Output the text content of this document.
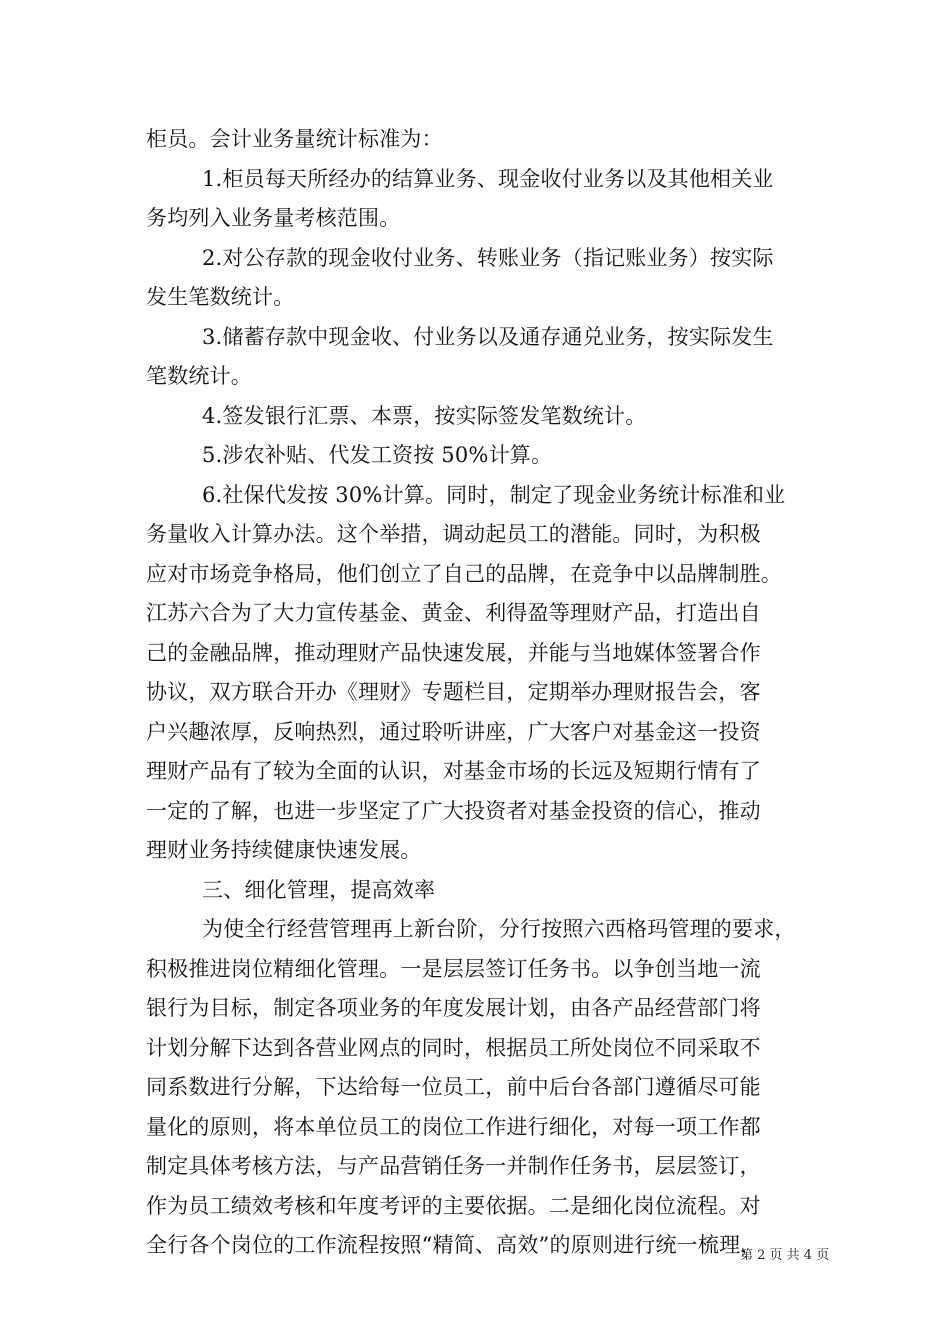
柜员。会计业务量统计标准为：
1.柜员每天所经办的结算业务、现金收付业务以及其他相关业
务均列入业务量考核范围。
2.对公存款的现金收付业务、转账业务（指记账业务）按实际
发生笔数统计。
3.储蓄存款中现金收、付业务以及通存通兑业务，按实际发生
笔数统计。
4.签发银行汇票、本票，按实际签发笔数统计。
5.涉农补贴、代发工资按 50%计算。
6.社保代发按 30%计算。同时，制定了现金业务统计标准和业
务量收入计算办法。这个举措，调动起员工的潜能。同时，为积极
应对市场竞争格局，他们创立了自己的品牌，在竞争中以品牌制胜。
江苏六合为了大力宣传基金、黄金、利得盈等理财产品，打造出自
己的金融品牌，推动理财产品快速发展，并能与当地媒体签署合作
协议，双方联合开办《理财》专题栏目，定期举办理财报告会，客
户兴趣浓厚，反响热烈，通过聆听讲座，广大客户对基金这一投资
理财产品有了较为全面的认识，对基金市场的长远及短期行情有了
一定的了解，也进一步坚定了广大投资者对基金投资的信心，推动
理财业务持续健康快速发展。
三、细化管理，提高效率
为使全行经营管理再上新台阶，分行按照六西格玛管理的要求，
积极推进岗位精细化管理。一是层层签订任务书。以争创当地一流
银行为目标，制定各项业务的年度发展计划，由各产品经营部门将
计划分解下达到各营业网点的同时，根据员工所处岗位不同采取不
同系数进行分解，下达给每一位员工，前中后台各部门遵循尽可能
量化的原则，将本单位员工的岗位工作进行细化，对每一项工作都
制定具体考核方法，与产品营销任务一并制作任务书，层层签订，
作为员工绩效考核和年度考评的主要依据。二是细化岗位流程。对
全行各个岗位的工作流程按照“精简、高效”的原则进行统一梳理，
第 2 页 共 4 页
